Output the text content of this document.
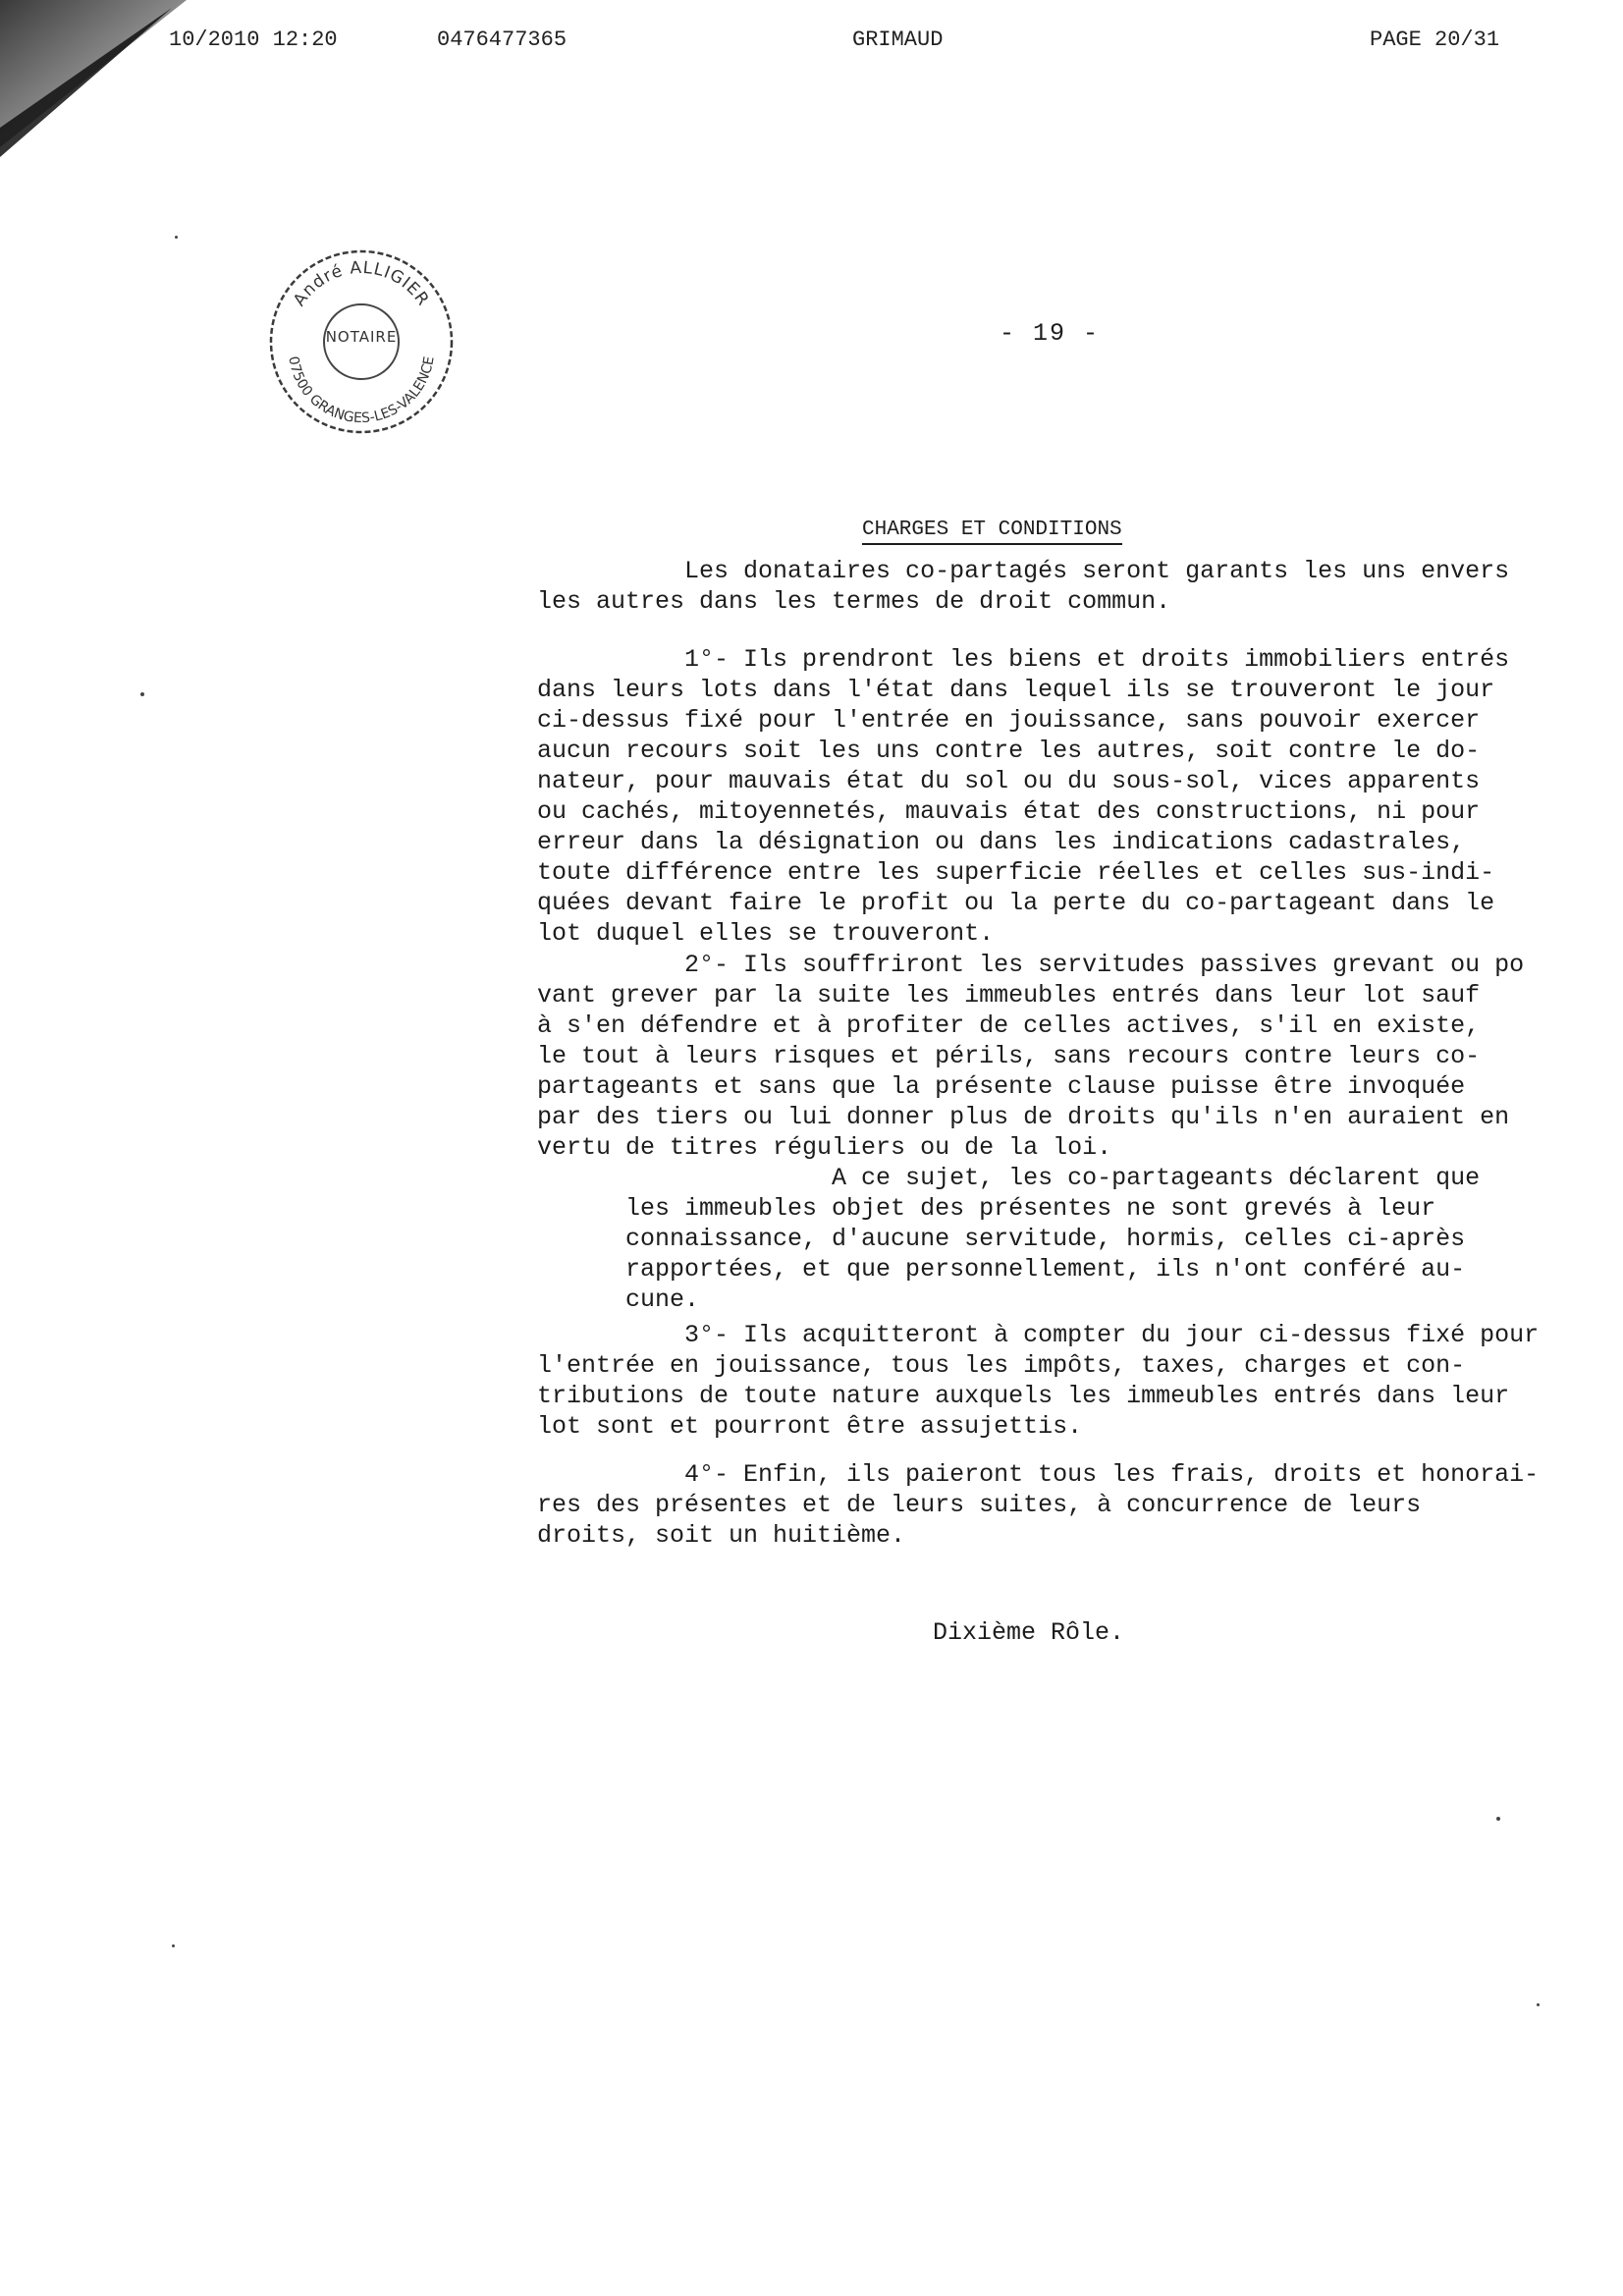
10/2010 12:20	0476477365	GRIMAUD	PAGE 20/31
André ALLIGIER
07500 GRANGES-LES-VALENCE
NOTAIRE	- 19 -
CHARGES ET CONDITIONS
Les donataires co-partagés seront garants les uns envers
les autres dans les termes de droit commun.
1°- Ils prendront les biens et droits immobiliers entrés
dans leurs lots dans l'état dans lequel ils se trouveront le jour
ci-dessus fixé pour l'entrée en jouissance, sans pouvoir exercer
aucun recours soit les uns contre les autres, soit contre le do-
nateur, pour mauvais état du sol ou du sous-sol, vices apparents
ou cachés, mitoyennetés, mauvais état des constructions, ni pour
erreur dans la désignation ou dans les indications cadastrales,
toute différence entre les superficie réelles et celles sus-indi-
quées devant faire le profit ou la perte du co-partageant dans le
lot duquel elles se trouveront.
2°- Ils souffriront les servitudes passives grevant ou po
vant grever par la suite les immeubles entrés dans leur lot sauf
à s'en défendre et à profiter de celles actives, s'il en existe,
le tout à leurs risques et périls, sans recours contre leurs co-
partageants et sans que la présente clause puisse être invoquée
par des tiers ou lui donner plus de droits qu'ils n'en auraient en
vertu de titres réguliers ou de la loi.
A ce sujet, les co-partageants déclarent que
les immeubles objet des présentes ne sont grevés à leur
connaissance, d'aucune servitude, hormis, celles ci-après
rapportées, et que personnellement, ils n'ont conféré au-
cune.
3°- Ils acquitteront à compter du jour ci-dessus fixé pour
l'entrée en jouissance, tous les impôts, taxes, charges et con-
tributions de toute nature auxquels les immeubles entrés dans leur
lot sont et pourront être assujettis.
4°- Enfin, ils paieront tous les frais, droits et honorai-
res des présentes et de leurs suites, à concurrence de leurs
droits, soit un huitième.
Dixième Rôle.
